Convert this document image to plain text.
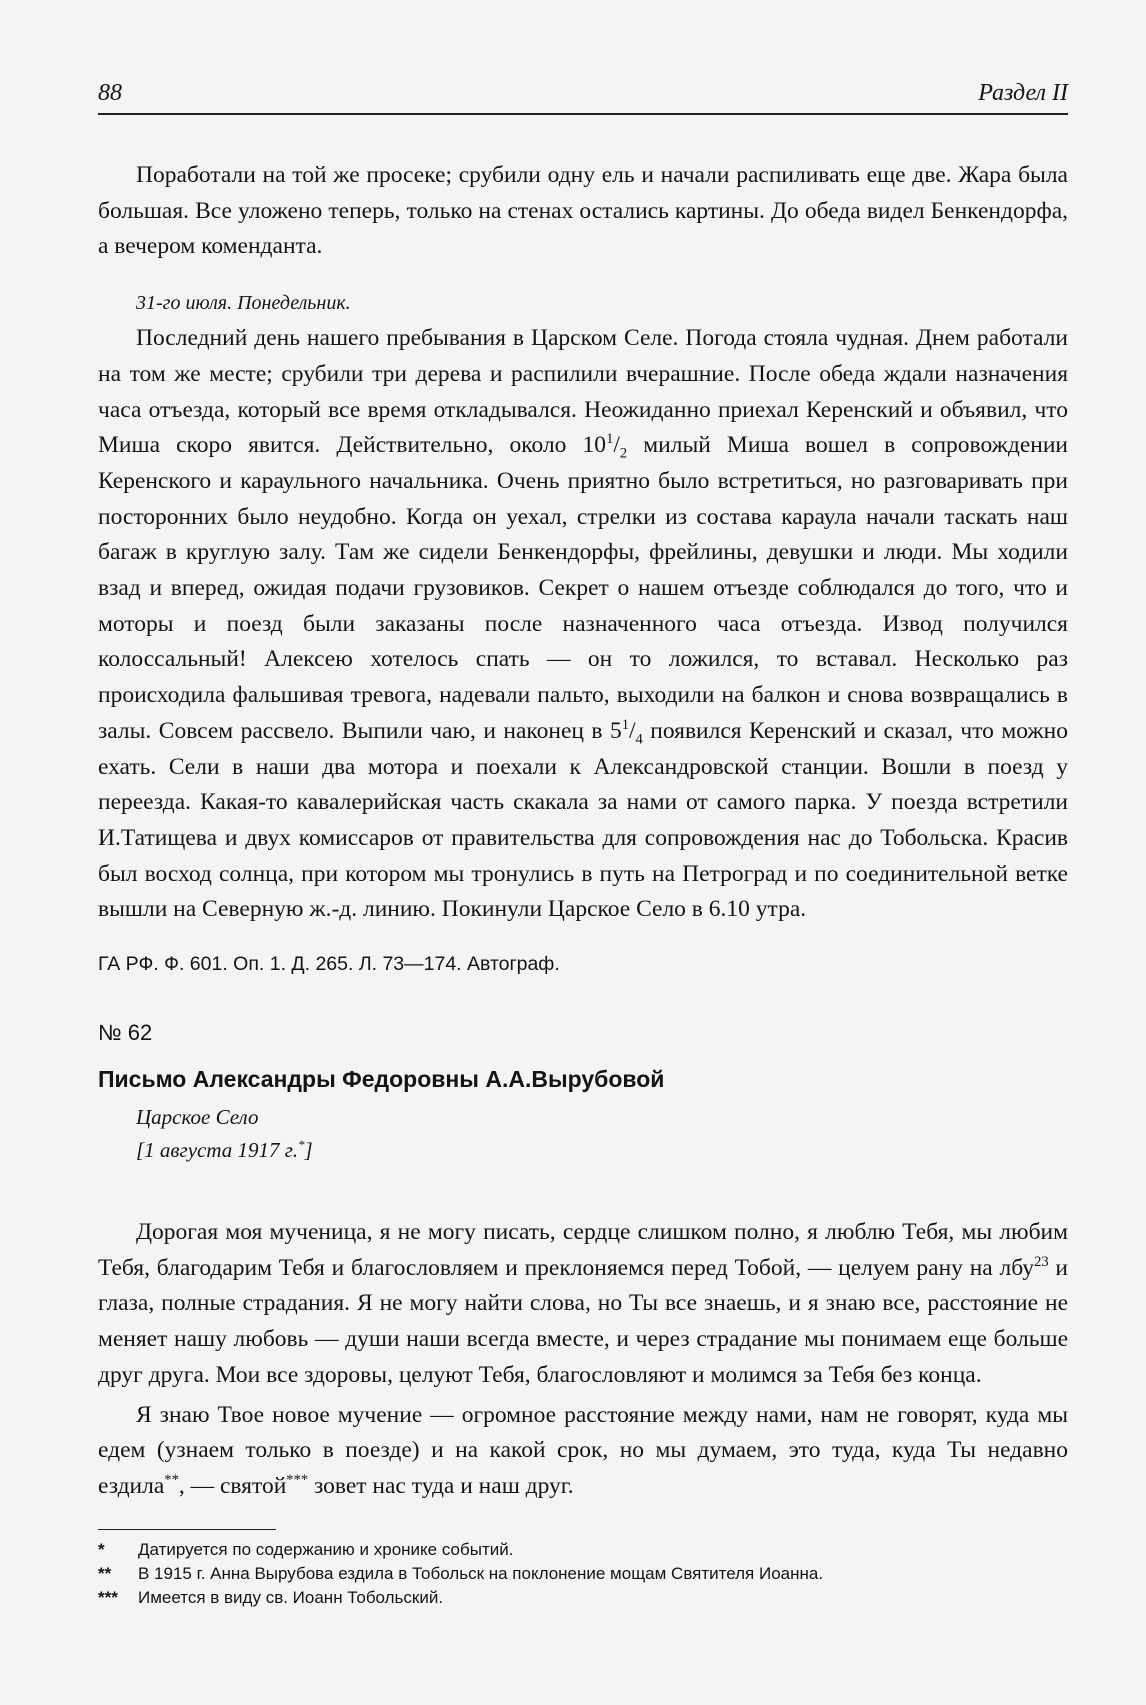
88	Раздел II

Поработали на той же просеке; срубили одну ель и начали распиливать еще две. Жара была большая. Все уложено теперь, только на стенах остались картины. До обеда видел Бенкендорфа, а вечером коменданта.

31-го июля. Понедельник.

Последний день нашего пребывания в Царском Селе. Погода стояла чудная. Днем работали на том же месте; срубили три дерева и распилили вчерашние. После обеда ждали назначения часа отъезда, который все время откладывался. Неожиданно приехал Керенский и объявил, что Миша скоро явится. Действительно, около $10^1/_2$ милый Миша вошел в сопровождении Керенского и караульного начальника. Очень приятно было встретиться, но разговаривать при посторонних было неудобно. Когда он уехал, стрелки из состава караула начали таскать наш багаж в круглую залу. Там же сидели Бенкендорфы, фрейлины, девушки и люди. Мы ходили взад и вперед, ожидая подачи грузовиков. Секрет о нашем отъезде соблюдался до того, что и моторы и поезд были заказаны после назначенного часа отъезда. Извод получился колоссальный! Алексею хотелось спать — он то ложился, то вставал. Несколько раз происходила фальшивая тревога, надевали пальто, выходили на балкон и снова возвращались в залы. Совсем рассвело. Выпили чаю, и наконец в $5^1/_4$ появился Керенский и сказал, что можно ехать. Сели в наши два мотора и поехали к Александровской станции. Вошли в поезд у переезда. Какая-то кавалерийская часть скакала за нами от самого парка. У поезда встретили И.Татищева и двух комиссаров от правительства для сопровождения нас до Тобольска. Красив был восход солнца, при котором мы тронулись в путь на Петроград и по соединительной ветке вышли на Северную ж.-д. линию. Покинули Царское Село в 6.10 утра.

ГА РФ. Ф. 601. Оп. 1. Д. 265. Л. 73—174. Автограф.
№ 62
Письмо Александры Федоровны А.А.Вырубовой
Царское Село
[1 августа 1917 г.*]

Дорогая моя мученица, я не могу писать, сердце слишком полно, я люблю Тебя, мы любим Тебя, благодарим Тебя и благословляем и преклоняемся перед Тобой, — целуем рану на лбу$^{23}$ и глаза, полные страдания. Я не могу найти слова, но Ты все знаешь, и я знаю все, расстояние не меняет нашу любовь — души наши всегда вместе, и через страдание мы понимаем еще больше друг друга. Мои все здоровы, целуют Тебя, благословляют и молимся за Тебя без конца.

Я знаю Твое новое мучение — огромное расстояние между нами, нам не говорят, куда мы едем (узнаем только в поезде) и на какой срок, но мы думаем, это туда, куда Ты недавно ездила**, — святой*** зовет нас туда и наш друг.

*	Датируется по содержанию и хронике событий.
**	В 1915 г. Анна Вырубова ездила в Тобольск на поклонение мощам Святителя Иоанна.
***	Имеется в виду св. Иоанн Тобольский.
